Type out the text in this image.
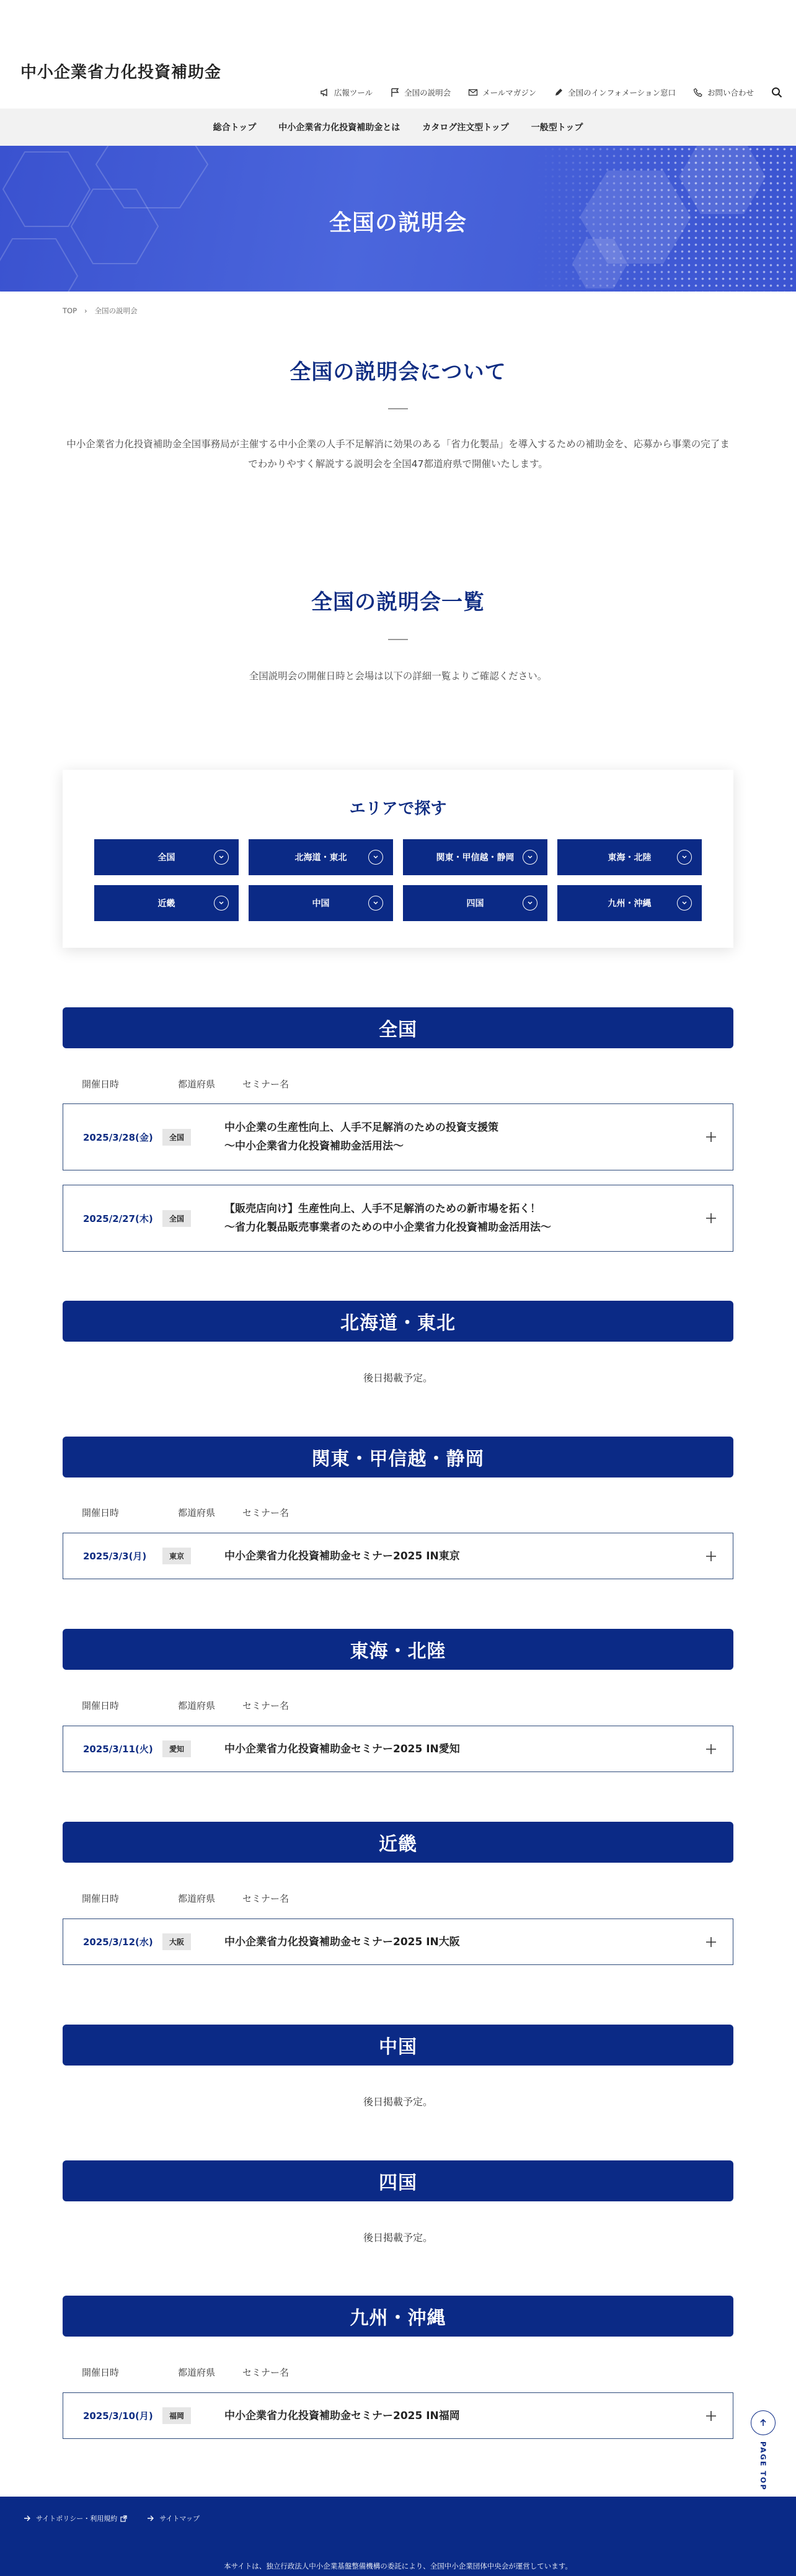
中小企業省力化投資補助金
広報ツール	全国の説明会	メールマガジン	全国のインフォメーション窓口	お問い合わせ
総合トップ	中小企業省力化投資補助金とは	カタログ注文型トップ	一般型トップ
全国の説明会
TOP › 全国の説明会
全国の説明会について

中小企業省力化投資補助金全国事務局が主催する中小企業の人手不足解消に効果のある「省力化製品」を導入するための補助金を、応募から事業の完了までわかりやすく解説する説明会を全国47都道府県で開催いたします。

全国の説明会一覧

全国説明会の開催日時と会場は以下の詳細一覧よりご確認ください。

エリアで探す
全国	北海道・東北	関東・甲信越・静岡	東海・北陸
近畿	中国	四国	九州・沖縄
全国
開催日時	都道府県	セミナー名
2025/3/28(金)	全国
中小企業の生産性向上、人手不足解消のための投資支援策
〜中小企業省力化投資補助金活用法〜
2025/2/27(木)	全国
【販売店向け】生産性向上、人手不足解消のための新市場を拓く！
〜省力化製品販売事業者のための中小企業省力化投資補助金活用法〜
北海道・東北

後日掲載予定。

関東・甲信越・静岡
開催日時	都道府県	セミナー名
2025/3/3(月)	東京	中小企業省力化投資補助金セミナー2025 IN東京
東海・北陸
開催日時	都道府県	セミナー名
2025/3/11(火)	愛知	中小企業省力化投資補助金セミナー2025 IN愛知
近畿
開催日時	都道府県	セミナー名
2025/3/12(水)	大阪	中小企業省力化投資補助金セミナー2025 IN大阪
中国

後日掲載予定。

四国

後日掲載予定。

九州・沖縄
開催日時	都道府県	セミナー名
2025/3/10(月)	福岡	中小企業省力化投資補助金セミナー2025 IN福岡
PAGE TOP
サイトポリシー・利用規約	サイトマップ

本サイトは、独立行政法人中小企業基盤整備機構の委託により、全国中小企業団体中央会が運営しています。
